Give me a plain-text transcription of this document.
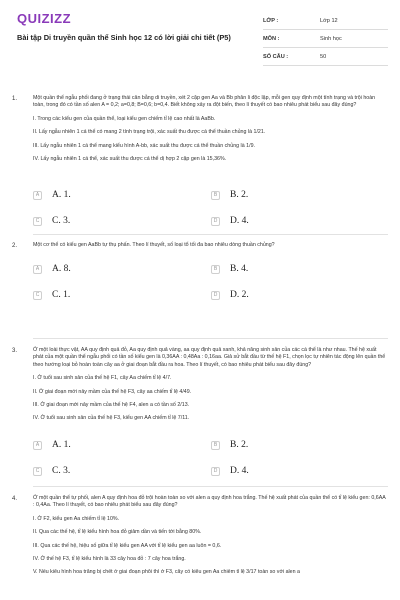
QUIZIZZ
Bài tập Di truyền quần thể Sinh học 12 có lời giải chi tiết (P5)
LỚP :	Lớp 12
MÔN :	Sinh học
SỐ CÂU :	50
1.	Một quần thể ngẫu phối đang ở trạng thái cân bằng di truyền, xét 2 cặp gen Aa và Bb phân li độc lập, mỗi gen quy định một tính trạng và trội hoàn toàn, trong đó có tần số alen A = 0,2; a=0,8; B=0,6; b=0,4. Biết không xảy ra đột biến, theo lí thuyết có bao nhiêu phát biểu sau đây đúng?

I. Trong các kiểu gen của quần thể, loại kiểu gen chiếm tỉ lệ cao nhất là AaBb.

II. Lấy ngẫu nhiên 1 cá thể có mang 2 tính trạng trội, xác suất thu được cá thể thuần chủng là 1/21.

III. Lấy ngẫu nhiên 1 cá thể mang kiểu hình A-bb, xác suất thu được cá thể thuần chủng là 1/9.

IV. Lấy ngẫu nhiên 1 cá thể, xác suất thu được cá thể dị hợp 2 cặp gen là 15,36%.

A A. 1.	B B. 2.
C C. 3.	D D. 4.
2.	Một cơ thể có kiểu gen AaBb tự thụ phấn. Theo lí thuyết, số loại tổ tối đa bao nhiêu dòng thuần chủng?

A A. 8.	B B. 4.
C C. 1.	D D. 2.
3.	Ở một loài thực vật, AA quy định quả đỏ, Aa quy định quả vàng, aa quy định quả xanh, khả năng sinh sản của các cá thể là như nhau. Thế hệ xuất phát của một quần thể ngẫu phối có tần số kiểu gen là 0,36AA : 0,48Aa : 0,16aa. Giả sử bắt đầu từ thế hệ F1, chọn lọc tự nhiên tác động lên quần thể theo hướng loại bỏ hoàn toàn cây aa ở giai đoạn bắt đầu ra hoa. Theo lí thuyết, có bao nhiêu phát biểu sau đây đúng?

I. Ở tuổi sau sinh sản của thế hệ F1, cây Aa chiếm tỉ lệ 4/7.

II. Ở giai đoạn mới nảy mầm của thế hệ F3, cây aa chiếm tỉ lệ 4/49.

III. Ở giai đoạn mới nảy mầm của thế hệ F4, alen a có tần số 2/13.

IV. Ở tuổi sau sinh sản của thế hệ F3, kiểu gen AA chiếm tỉ lệ 7/11.

A A. 1.	B B. 2.
C C. 3.	D D. 4.
4.	Ở một quần thể tự phối, alen A quy định hoa đỏ trội hoàn toàn so với alen a quy định hoa trắng. Thế hệ xuất phát của quần thể có tỉ lệ kiểu gen: 0,6AA : 0,4Aa. Theo lí thuyết, có bao nhiêu phát biểu sau đây đúng?

I. Ở F2, kiểu gen Aa chiếm tỉ lệ 10%.

II. Qua các thế hệ, tỉ lệ kiểu hình hoa đỏ giảm dần và tiến tới bằng 80%.

III. Qua các thế hệ, hiệu số giữa tỉ lệ kiểu gen AA với tỉ lệ kiểu gen aa luôn = 0,6.

IV. Ở thế hệ F3, tỉ lệ kiểu hình là 33 cây hoa đỏ : 7 cây hoa trắng.

V. Nếu kiểu hình hoa trắng bị chết ở giai đoạn phôi thì ở F3, cây có kiểu gen Aa chiếm tỉ lệ 3/17 toàn so với alen a
